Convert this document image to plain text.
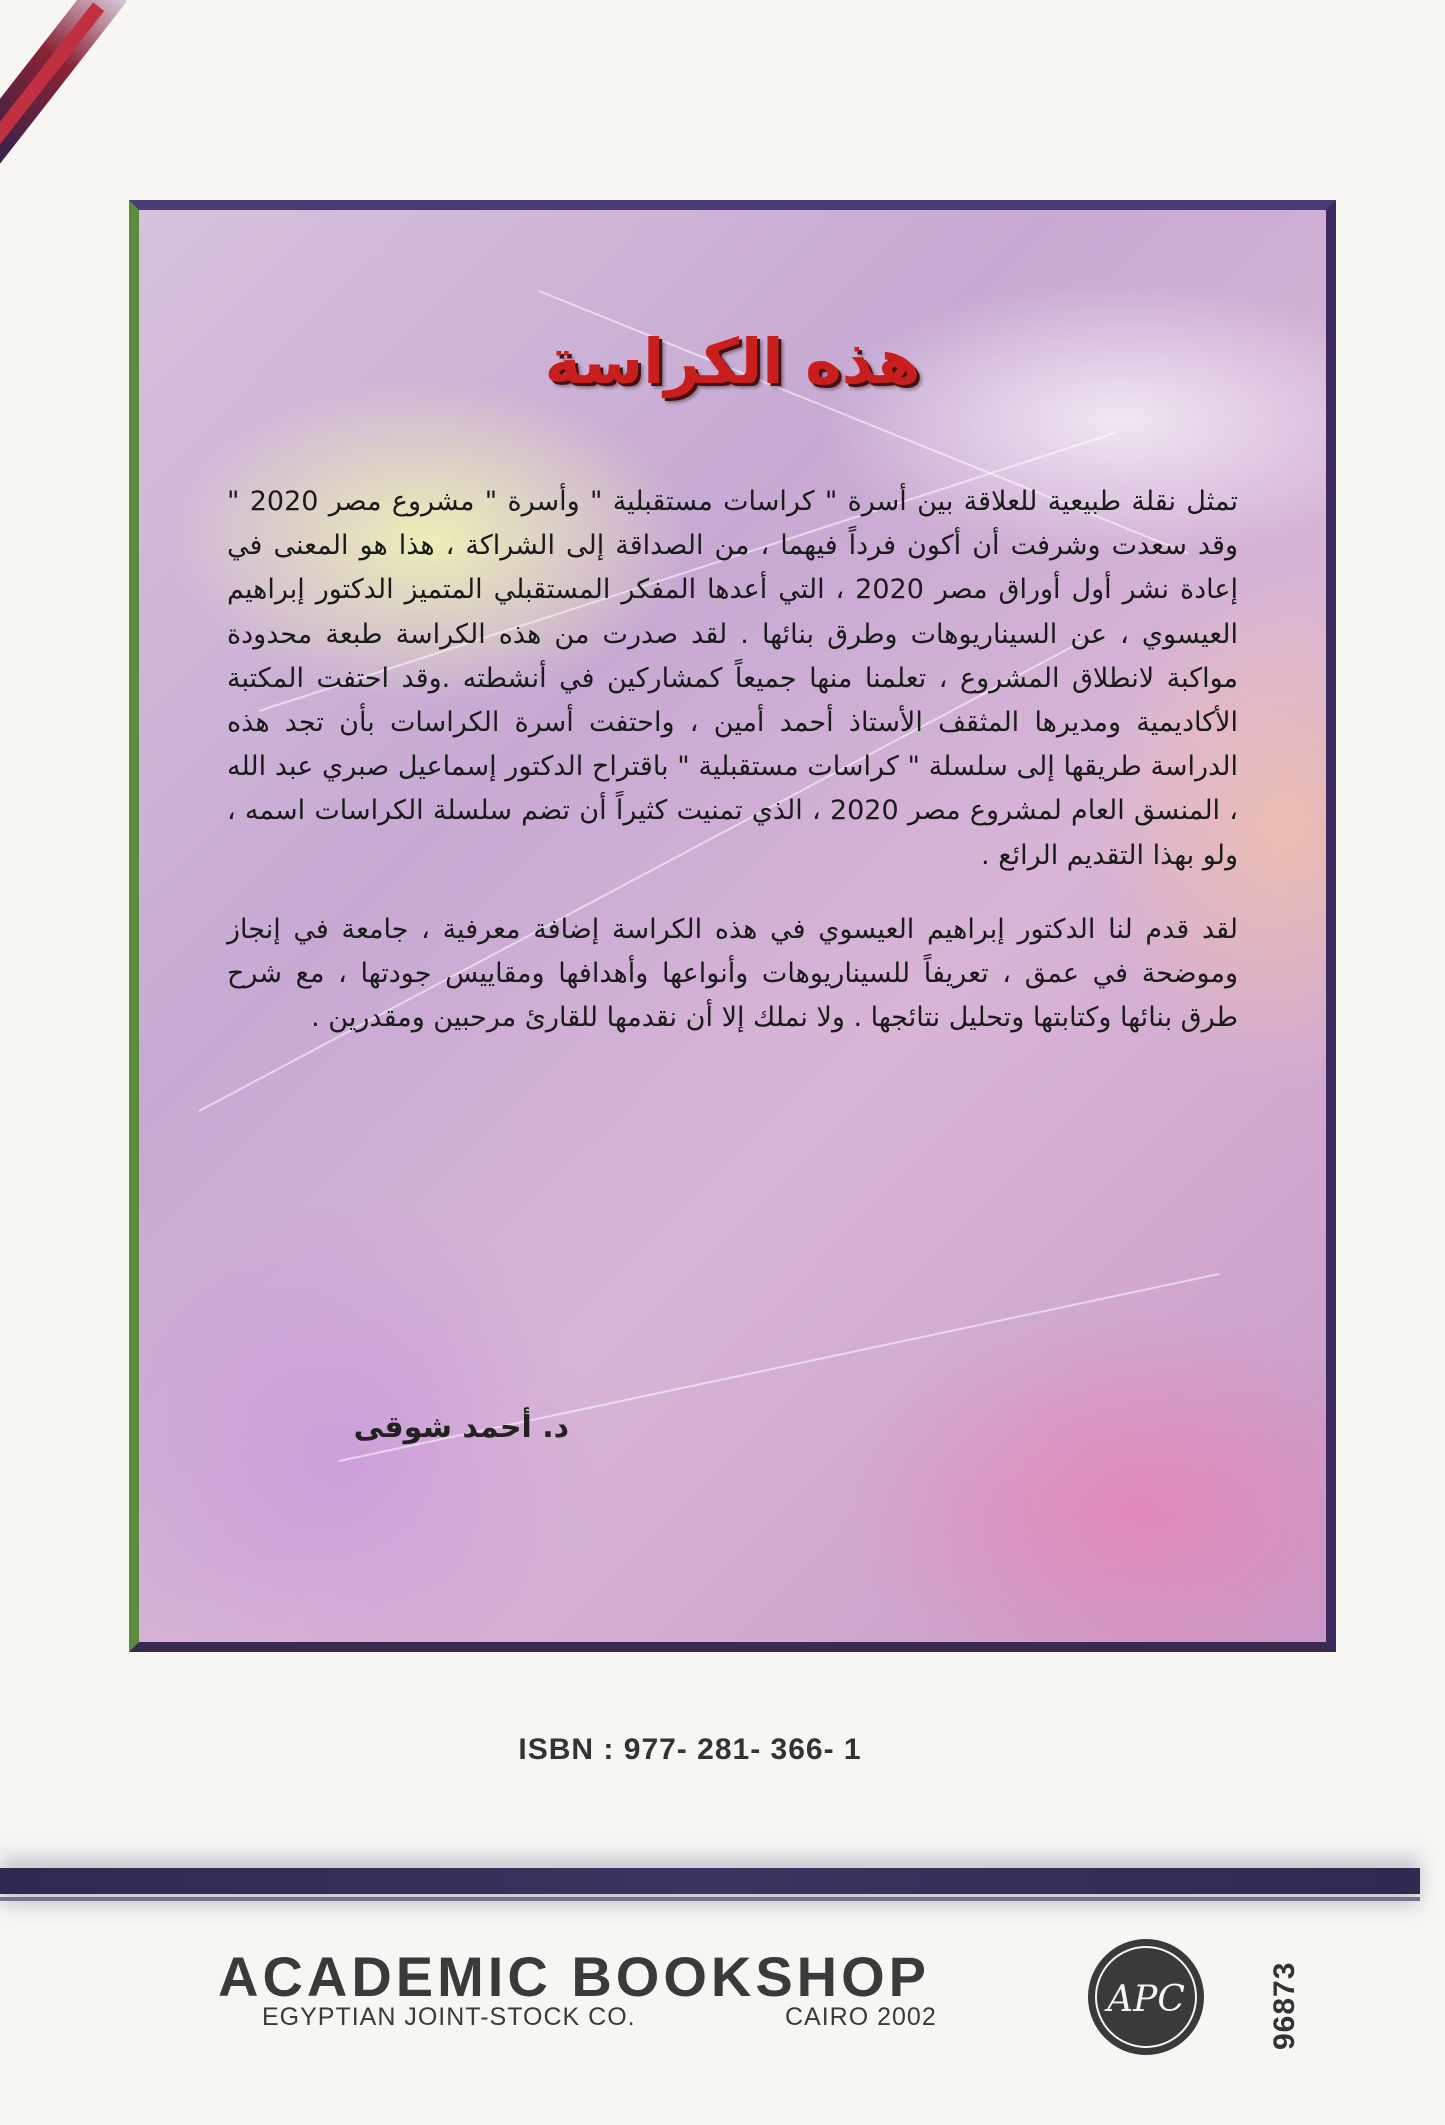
هذه الكراسة

تمثل نقلة طبيعية للعلاقة بين أسرة " كراسات مستقبلية " وأسرة " مشروع مصر 2020 " وقد سعدت وشرفت أن أكون فرداً فيهما ، من الصداقة إلى الشراكة ، هذا هو المعنى في إعادة نشر أول أوراق مصر 2020 ، التي أعدها المفكر المستقبلي المتميز الدكتور إبراهيم العيسوي ، عن السيناريوهات وطرق بنائها . لقد صدرت من هذه الكراسة طبعة محدودة مواكبة لانطلاق المشروع ، تعلمنا منها جميعاً كمشاركين في أنشطته .وقد احتفت المكتبة الأكاديمية ومديرها المثقف الأستاذ أحمد أمين ، واحتفت أسرة الكراسات بأن تجد هذه الدراسة طريقها إلى سلسلة " كراسات مستقبلية " باقتراح الدكتور إسماعيل صبري عبد الله ، المنسق العام لمشروع مصر 2020 ، الذي تمنيت كثيراً أن تضم سلسلة الكراسات اسمه ، ولو بهذا التقديم الرائع .

لقد قدم لنا الدكتور إبراهيم العيسوي في هذه الكراسة إضافة معرفية ، جامعة في إنجاز وموضحة في عمق ، تعريفاً للسيناريوهات وأنواعها وأهدافها ومقاييس جودتها ، مع شرح طرق بنائها وكتابتها وتحليل نتائجها . ولا نملك إلا أن نقدمها للقارئ مرحبين ومقدرين .

د. أحمد شوقى
ISBN : 977- 281- 366- 1
ACADEMIC BOOKSHOP
EGYPTIAN JOINT-STOCK CO.	CAIRO 2002	APC	96873
